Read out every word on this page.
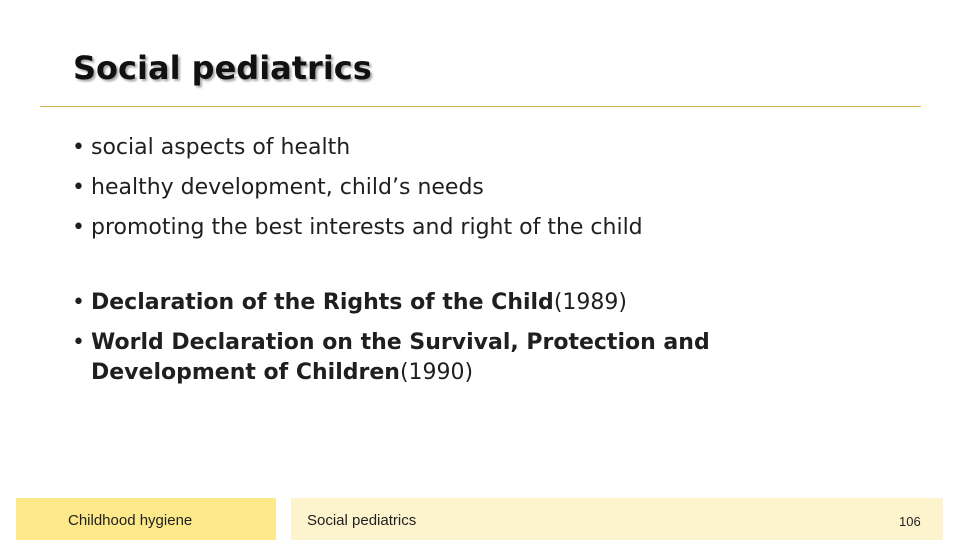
Social pediatrics
• social aspects of health
• healthy development, child’s needs
• promoting the best interests and right of the child
• Declaration of the Rights of the Child(1989)
• World Declaration on the Survival, Protection and Development of Children(1990)
Childhood hygiene	Social pediatrics	106
